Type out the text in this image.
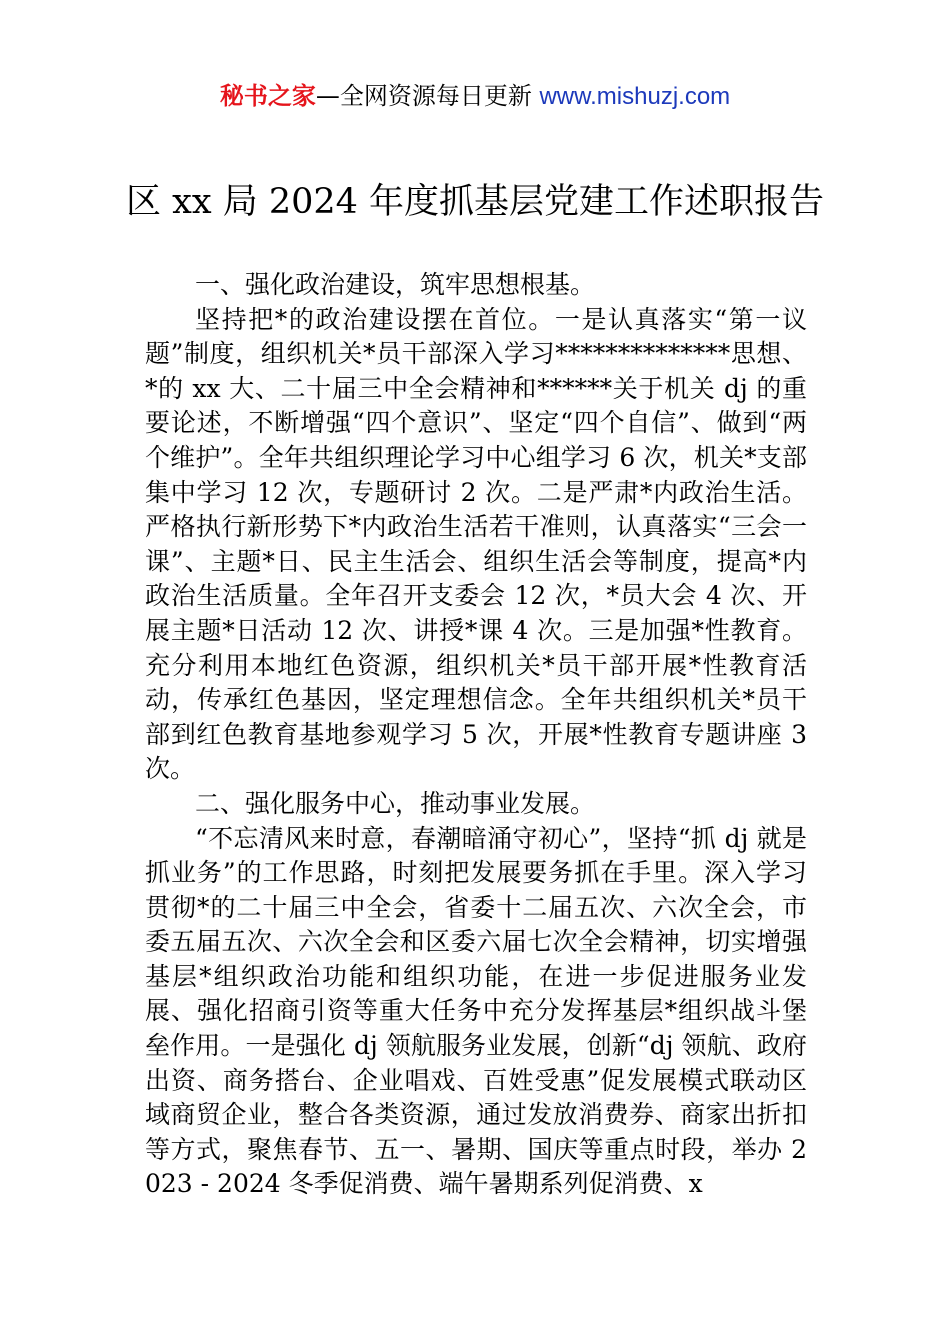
秘书之家—全网资源每日更新 www.mishuzj.com
区 xx 局 2024 年度抓基层党建工作述职报告

一、强化政治建设，筑牢思想根基。

坚持把*的政治建设摆在首位。一是认真落实“第一议题”制度，组织机关*员干部深入学习**************思想、*的 xx 大、二十届三中全会精神和******关于机关 dj 的重要论述，不断增强“四个意识”、坚定“四个自信”、做到“两个维护”。全年共组织理论学习中心组学习 6 次，机关*支部集中学习 12 次，专题研讨 2 次。二是严肃*内政治生活。严格执行新形势下*内政治生活若干准则，认真落实“三会一课”、主题*日、民主生活会、组织生活会等制度，提高*内政治生活质量。全年召开支委会 12 次，*员大会 4 次、开展主题*日活动 12 次、讲授*课 4 次。三是加强*性教育。充分利用本地红色资源，组织机关*员干部开展*性教育活动，传承红色基因，坚定理想信念。全年共组织机关*员干部到红色教育基地参观学习 5 次，开展*性教育专题讲座 3 次。

二、强化服务中心，推动事业发展。

“不忘清风来时意，春潮暗涌守初心”，坚持“抓 dj 就是抓业务”的工作思路，时刻把发展要务抓在手里。深入学习贯彻*的二十届三中全会，省委十二届五次、六次全会，市委五届五次、六次全会和区委六届七次全会精神，切实增强基层*组织政治功能和组织功能，在进一步促进服务业发展、强化招商引资等重大任务中充分发挥基层*组织战斗堡垒作用。一是强化 dj 领航服务业发展，创新“dj 领航、政府出资、商务搭台、企业唱戏、百姓受惠”促发展模式联动区域商贸企业，整合各类资源，通过发放消费券、商家出折扣等方式，聚焦春节、五一、暑期、国庆等重点时段，举办 2023 - 2024 冬季促消费、端午暑期系列促消费、x
